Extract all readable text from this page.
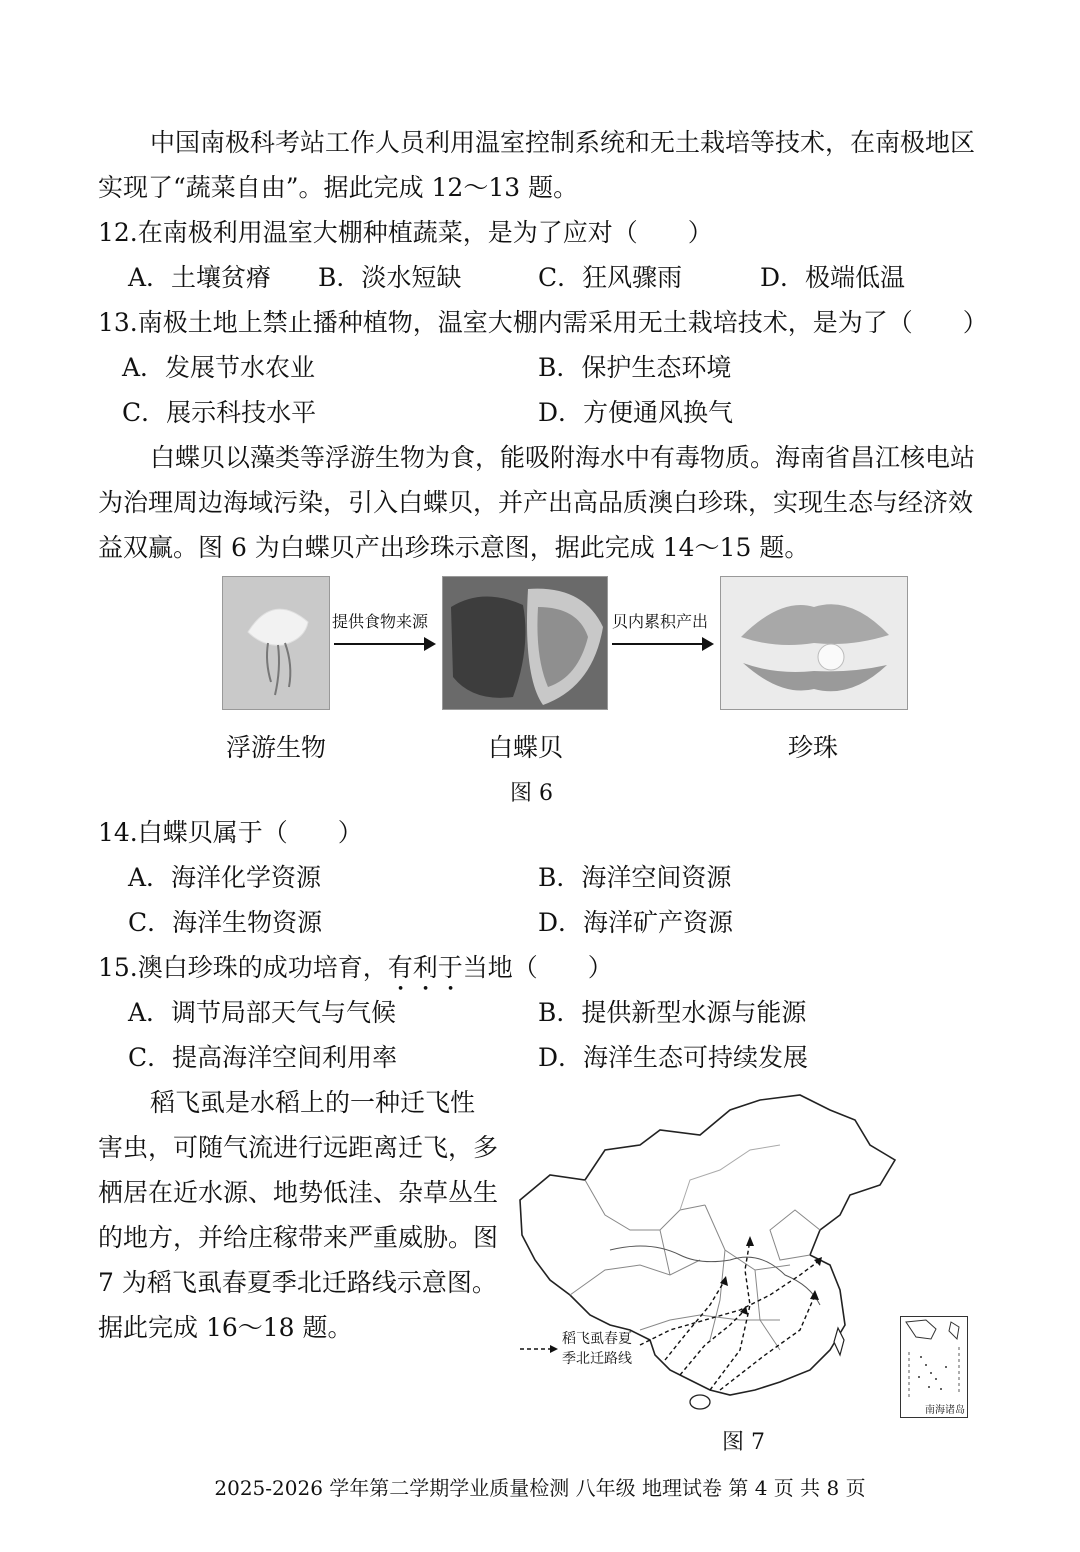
中国南极科考站工作人员利用温室控制系统和无土栽培等技术，在南极地区
实现了“蔬菜自由”。据此完成 12～13 题。
12.在南极利用温室大棚种植蔬菜，是为了应对（　　）
A．土壤贫瘠 B．淡水短缺	C．狂风骤雨	D．极端低温
13.南极土地上禁止播种植物，温室大棚内需采用无土栽培技术，是为了（　　）
A．发展节水农业	B．保护生态环境
C．展示科技水平	D．方便通风换气
白蝶贝以藻类等浮游生物为食，能吸附海水中有毒物质。海南省昌江核电站
为治理周边海域污染，引入白蝶贝，并产出高品质澳白珍珠，实现生态与经济效
益双赢。图 6 为白蝶贝产出珍珠示意图，据此完成 14～15 题。
提供食物来源	贝内累积产出
浮游生物	白蝶贝	珍珠
图 6
14.白蝶贝属于（　　）
A．海洋化学资源	B．海洋空间资源
C．海洋生物资源	D．海洋矿产资源
15.澳白珍珠的成功培育，有利于当地（　　）
A．调节局部天气与气候	B．提供新型水源与能源
C．提高海洋空间利用率	D．海洋生态可持续发展
稻飞虱是水稻上的一种迁飞性
害虫，可随气流进行远距离迁飞，多
栖居在近水源、地势低洼、杂草丛生
的地方，并给庄稼带来严重威胁。图
7 为稻飞虱春夏季北迁路线示意图。
据此完成 16～18 题。	稻飞虱春夏
季北迁路线
南海诸岛
图 7
2025-2026 学年第二学期学业质量检测 八年级 地理试卷 第 4 页 共 8 页
